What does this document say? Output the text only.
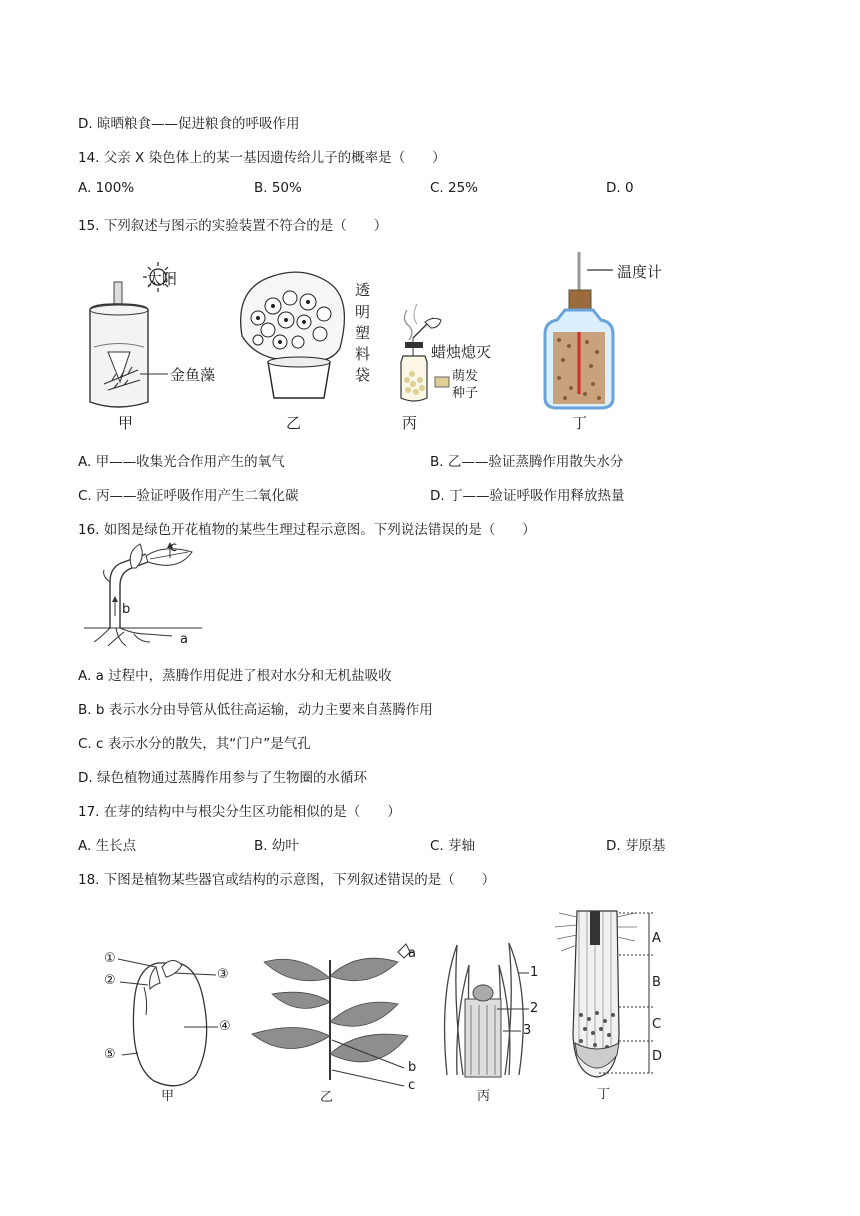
D. 晾晒粮食——促进粮食的呼吸作用
14. 父亲 X 染色体上的某一基因遗传给儿子的概率是（　　）
A. 100%	B. 50%	C. 25%	D. 0
15. 下列叙述与图示的实验装置不符合的是（　　）
太阳
金鱼藻
甲
透
明
塑
料
袋
乙
蜡烛熄灭
萌发
种子
丙
温度计
丁
A. 甲——收集光合作用产生的氧气	B. 乙——验证蒸腾作用散失水分
C. 丙——验证呼吸作用产生二氧化碳	D. 丁——验证呼吸作用释放热量
16. 如图是绿色开花植物的某些生理过程示意图。下列说法错误的是（　　）
c
b
a
A. a 过程中，蒸腾作用促进了根对水分和无机盐吸收
B. b 表示水分由导管从低往高运输，动力主要来自蒸腾作用
C. c 表示水分的散失，其“门户”是气孔
D. 绿色植物通过蒸腾作用参与了生物圈的水循环
17. 在芽的结构中与根尖分生区功能相似的是（　　）
A. 生长点	B. 幼叶	C. 芽轴	D. 芽原基
18. 下图是植物某些器官或结构的示意图，下列叙述错误的是（　　）
①
②	③
④
⑤
甲
a
b
c
乙
1
2
3
丙
A
B
C
D
丁
